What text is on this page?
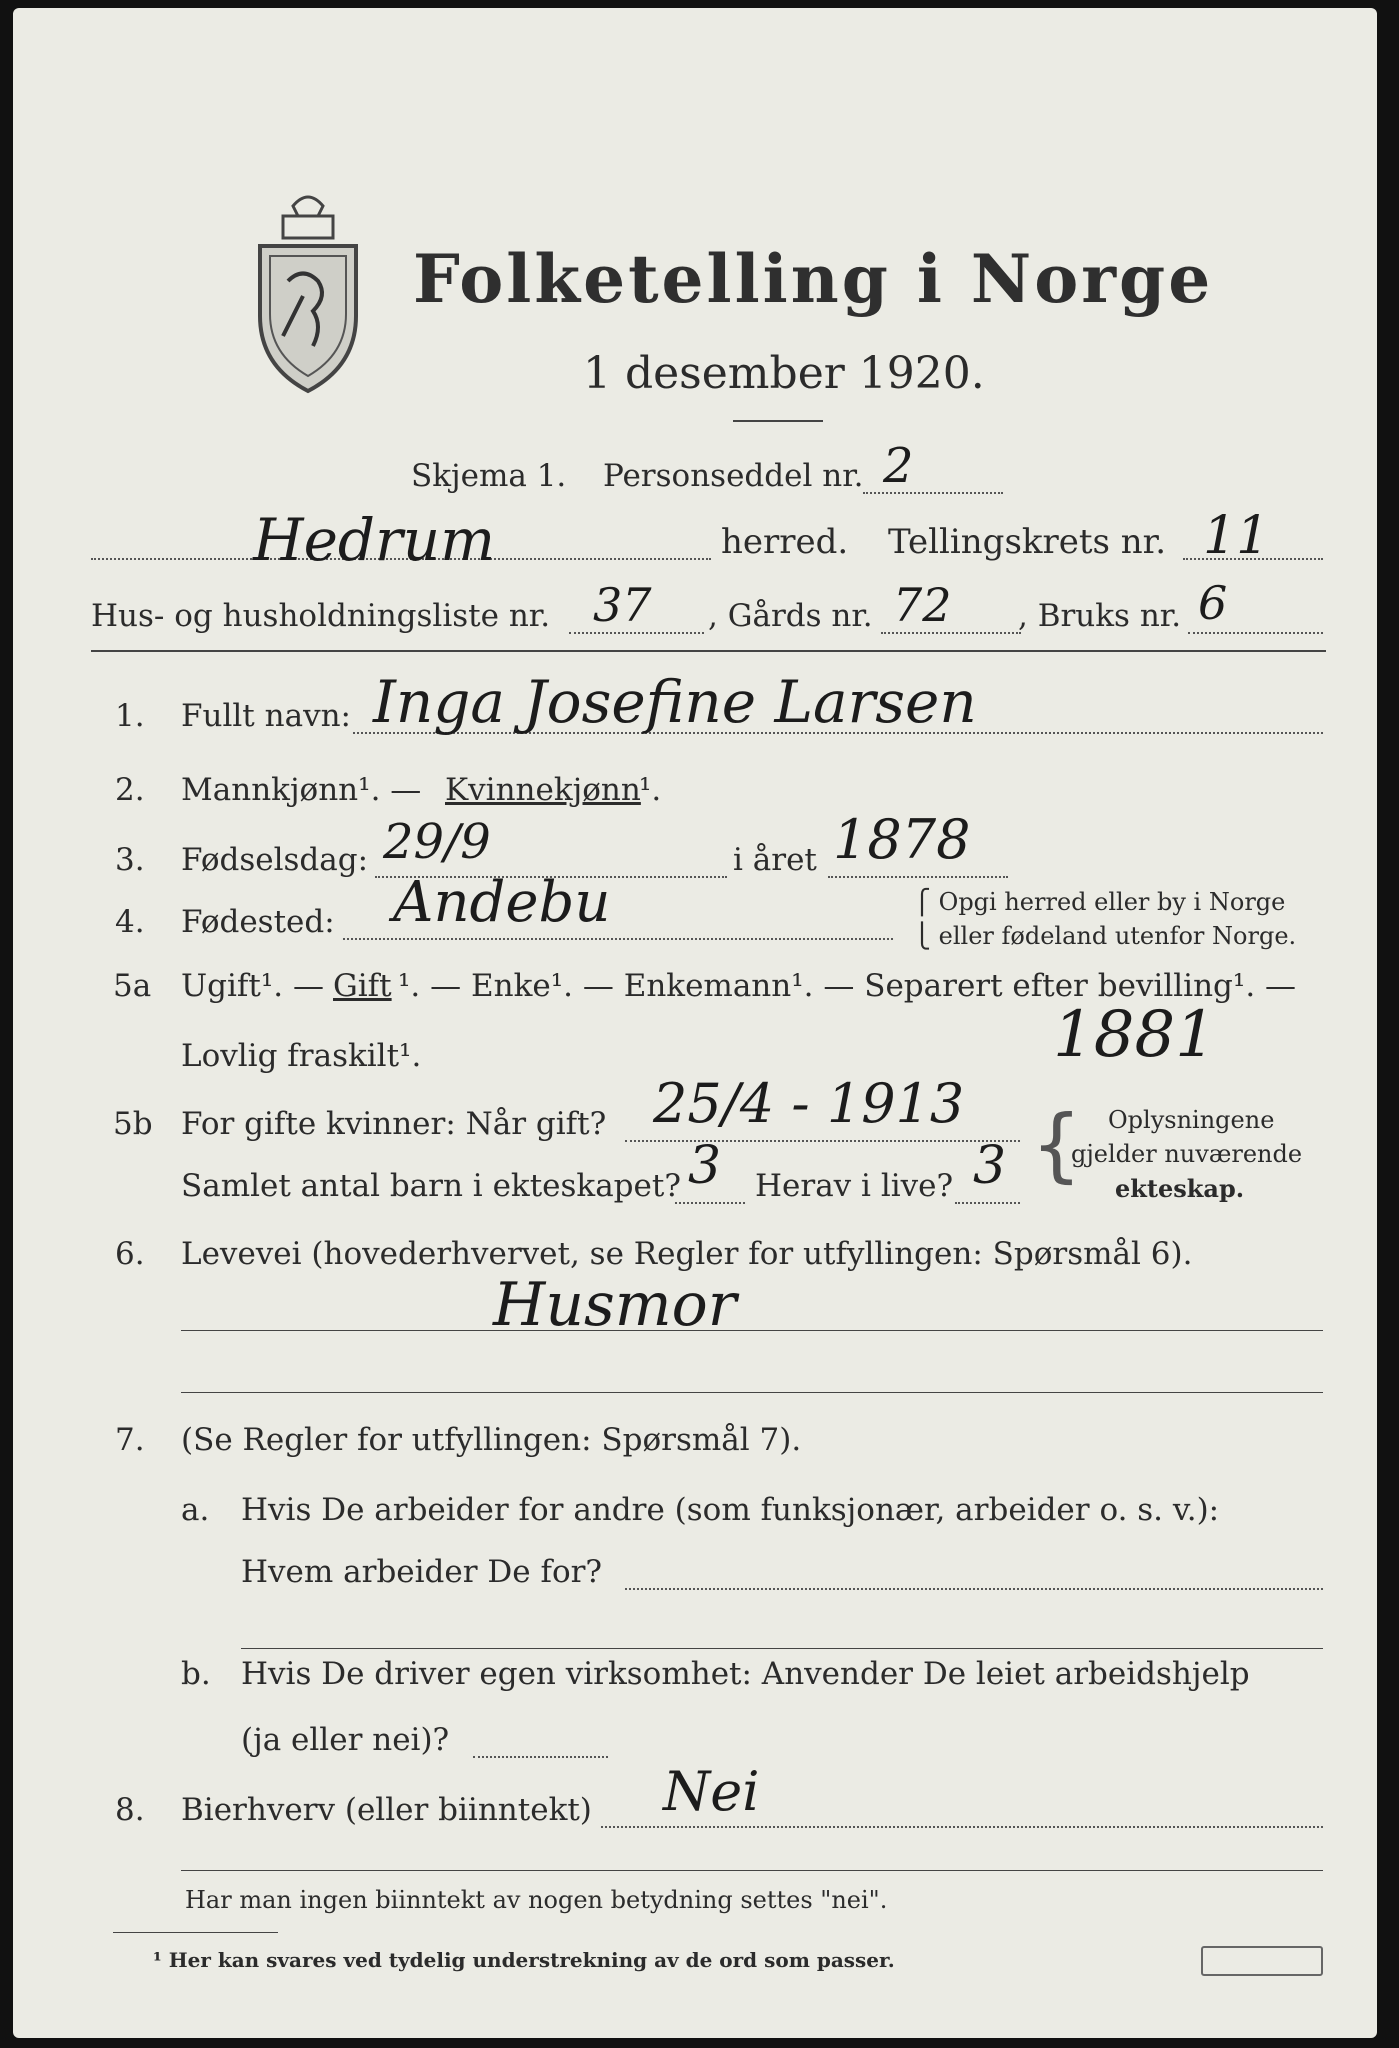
Folketelling i Norge
1 desember 1920.
Skjema 1. Personseddel nr. 2
Hedrum	herred. Tellingskrets nr. 11
Hus- og husholdningsliste nr. 37 , Gårds nr. 72 , Bruks nr. 6
1. Fullt navn: Inga Josefine Larsen
2. Mannkjønn¹. — Kvinnekjønn
¹.
3. Fødselsdag: 29/9	i året 1878
4. Fødested: Andebu	⎧ Opgi herred eller by i Norge
⎩ eller fødeland utenfor Norge.
5a Ugift¹. — Gift ¹. — Enke¹. — Enkemann¹. — Separert efter bevilling¹. —
Lovlig fraskilt¹.	1881
5b For gifte kvinner: Når gift? 25/4 - 1913
Samlet antal barn i ekteskapet? 3 Herav i live? 3 { Oplysningene
gjelder nuværende
ekteskap.
6. Levevei (hovederhvervet, se Regler for utfyllingen: Spørsmål 6).
Husmor
7. (Se Regler for utfyllingen: Spørsmål 7).
a. Hvis De arbeider for andre (som funksjonær, arbeider o. s. v.):
Hvem arbeider De for?
b. Hvis De driver egen virksomhet: Anvender De leiet arbeidshjelp
(ja eller nei)?
8. Bierhverv (eller biinntekt) Nei
Har man ingen biinntekt av nogen betydning settes "nei".
¹ Her kan svares ved tydelig understrekning av de ord som passer.
